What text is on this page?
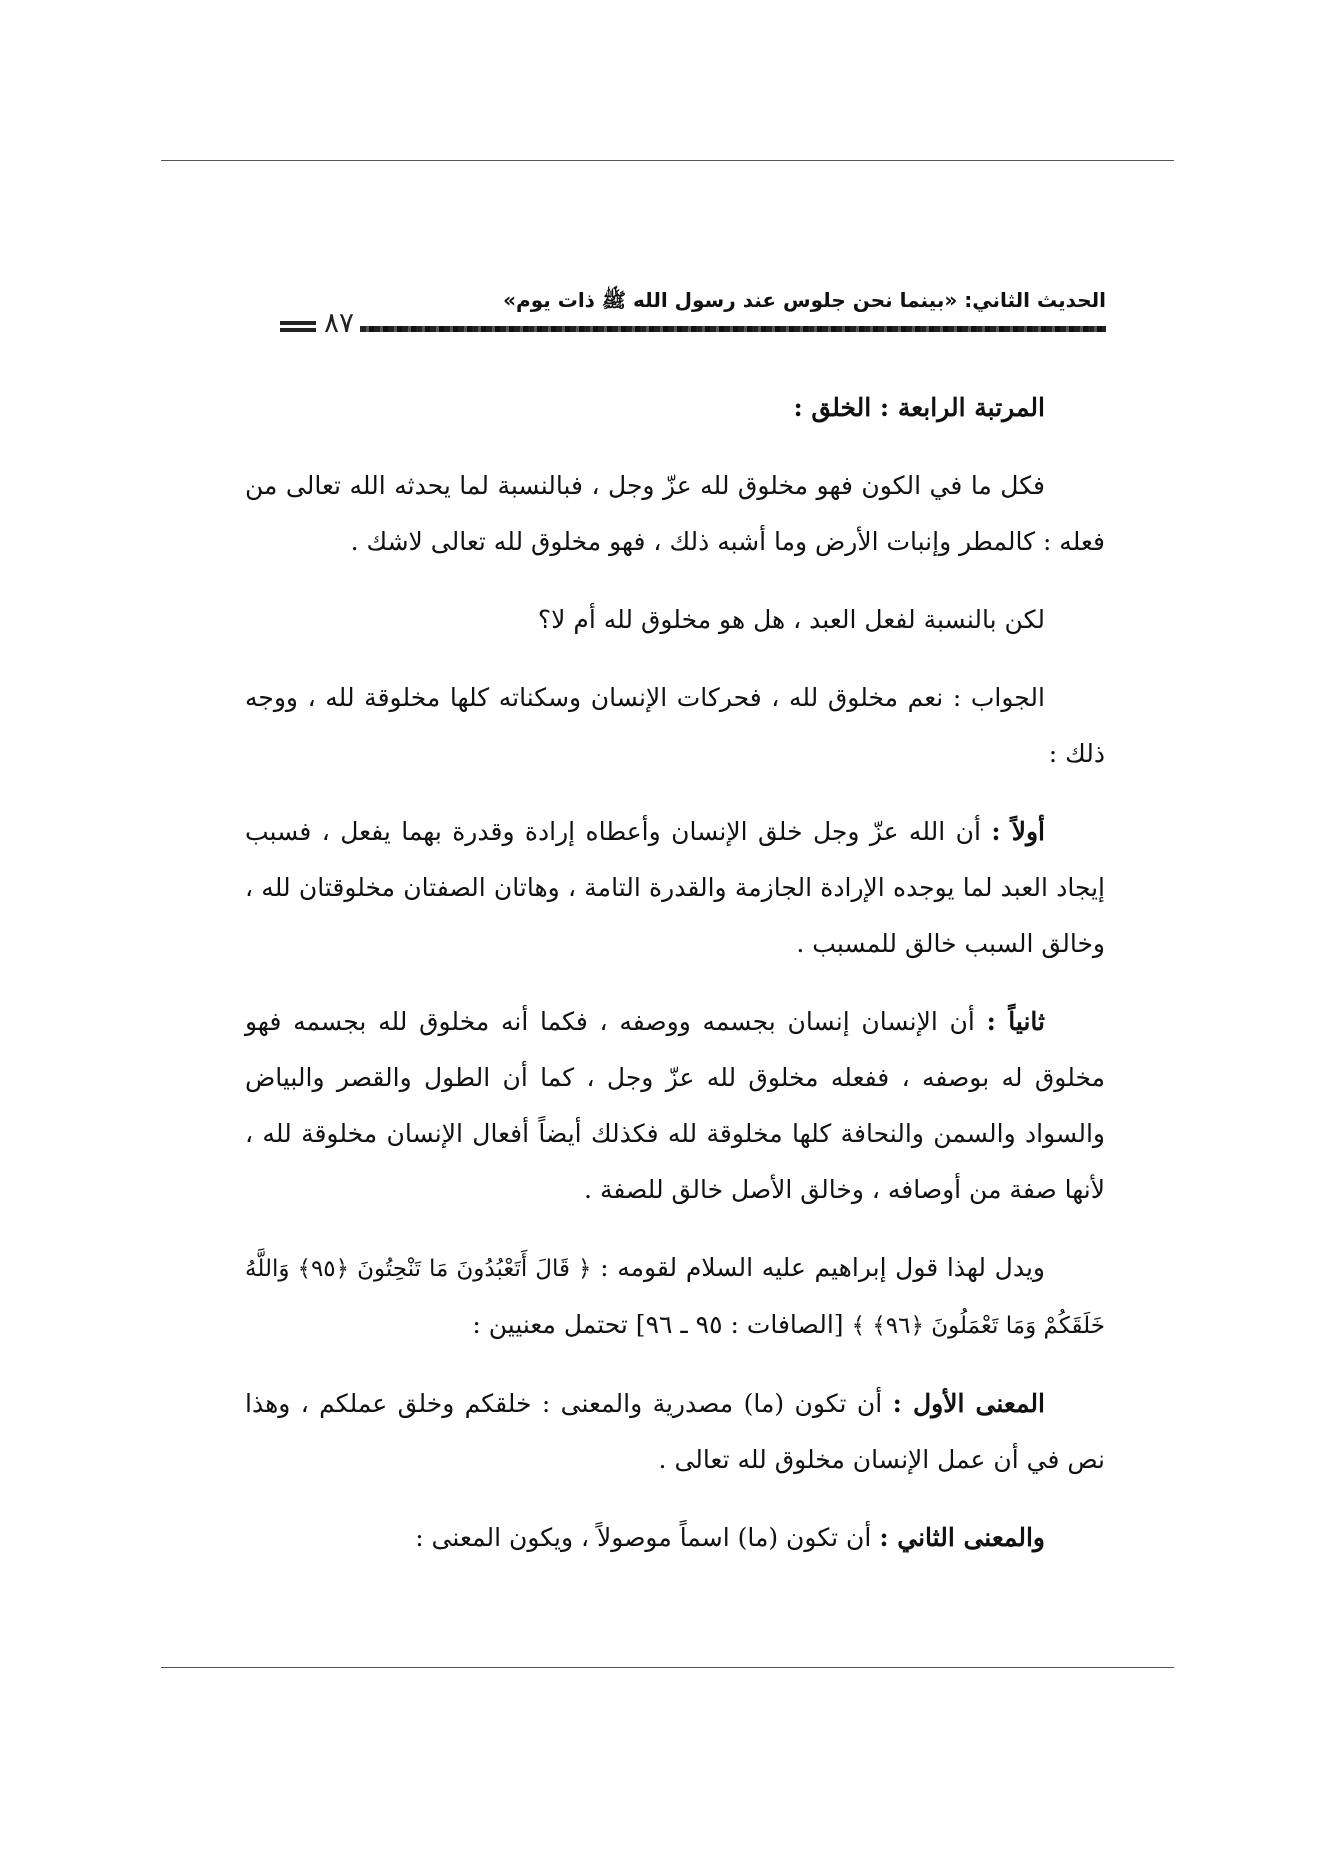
الحديث الثاني: «بينما نحن جلوس عند رسول الله ﷺ ذات يوم»
٨٧

المرتبة الرابعة : الخلق :

فكل ما في الكون فهو مخلوق لله عزّ وجل ، فبالنسبة لما يحدثه الله تعالى من فعله : كالمطر وإنبات الأرض وما أشبه ذلك ، فهو مخلوق لله تعالى لاشك .

لكن بالنسبة لفعل العبد ، هل هو مخلوق لله أم لا؟

الجواب : نعم مخلوق لله ، فحركات الإنسان وسكناته كلها مخلوقة لله ، ووجه ذلك :

أولاً : أن الله عزّ وجل خلق الإنسان وأعطاه إرادة وقدرة بهما يفعل ، فسبب إيجاد العبد لما يوجده الإرادة الجازمة والقدرة التامة ، وهاتان الصفتان مخلوقتان لله ، وخالق السبب خالق للمسبب .

ثانياً : أن الإنسان إنسان بجسمه ووصفه ، فكما أنه مخلوق لله بجسمه فهو مخلوق له بوصفه ، ففعله مخلوق لله عزّ وجل ، كما أن الطول والقصر والبياض والسواد والسمن والنحافة كلها مخلوقة لله فكذلك أيضاً أفعال الإنسان مخلوقة لله ، لأنها صفة من أوصافه ، وخالق الأصل خالق للصفة .

ويدل لهذا قول إبراهيم عليه السلام لقومه : ﴿ قَالَ أَتَعْبُدُونَ مَا تَنْحِتُونَ ﴿٩٥﴾ وَاللَّهُ خَلَقَكُمْ وَمَا تَعْمَلُونَ ﴿٩٦﴾ ﴾ [الصافات : ٩٥ ـ ٩٦] تحتمل معنيين :

المعنى الأول : أن تكون (ما) مصدرية والمعنى : خلقكم وخلق عملكم ، وهذا نص في أن عمل الإنسان مخلوق لله تعالى .

والمعنى الثاني : أن تكون (ما) اسماً موصولاً ، ويكون المعنى :
